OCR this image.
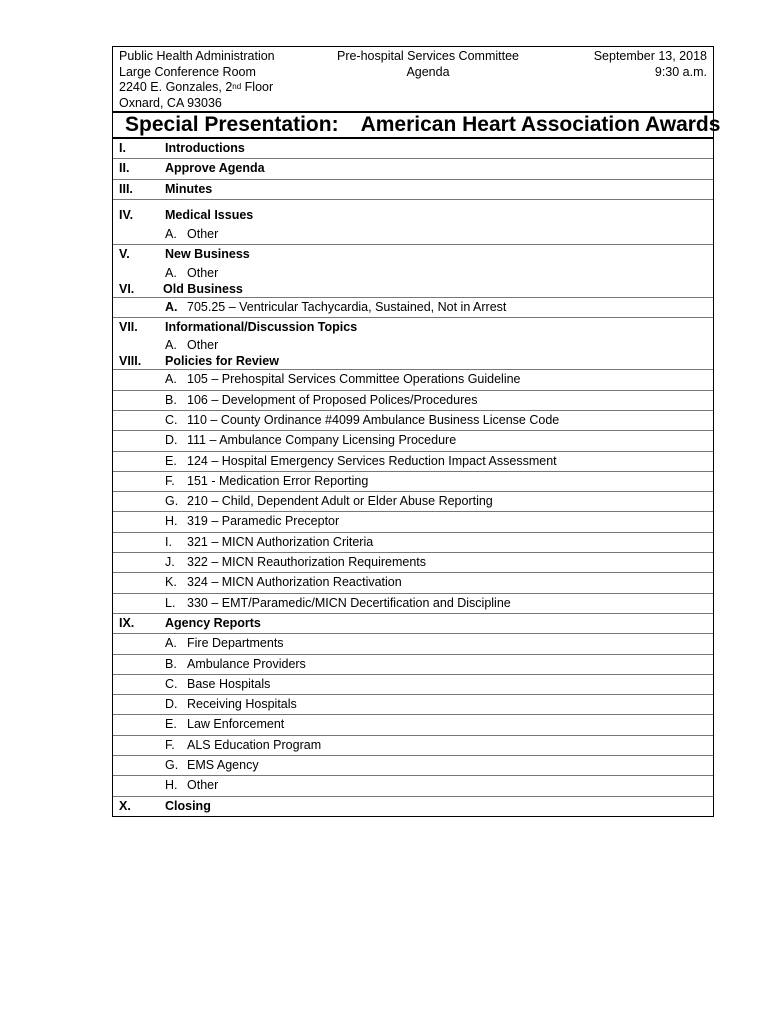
Public Health Administration
Large Conference Room
2240 E. Gonzales, 2nd Floor
Oxnard, CA 93036
Pre-hospital Services Committee
Agenda
September 13, 2018
9:30 a.m.
Special Presentation: American Heart Association Awards
I.	Introductions
II.	Approve Agenda
III.	Minutes
IV.	Medical Issues
A. Other
V.	New Business
A. Other
VI. Old Business
A. 705.25 – Ventricular Tachycardia, Sustained, Not in Arrest
VII. Informational/Discussion Topics
A. Other
VIII. Policies for Review
A. 105 – Prehospital Services Committee Operations Guideline
B. 106 – Development of Proposed Polices/Procedures
C. 110 – County Ordinance #4099 Ambulance Business License Code
D. 111 – Ambulance Company Licensing Procedure
E. 124 – Hospital Emergency Services Reduction Impact Assessment
F. 151 - Medication Error Reporting
G. 210 – Child, Dependent Adult or Elder Abuse Reporting
H. 319 – Paramedic Preceptor
I. 321 – MICN Authorization Criteria
J. 322 – MICN Reauthorization Requirements
K. 324 – MICN Authorization Reactivation
L. 330 – EMT/Paramedic/MICN Decertification and Discipline
IX. Agency Reports
A. Fire Departments
B. Ambulance Providers
C. Base Hospitals
D. Receiving Hospitals
E. Law Enforcement
F. ALS Education Program
G. EMS Agency
H. Other
X.	Closing
